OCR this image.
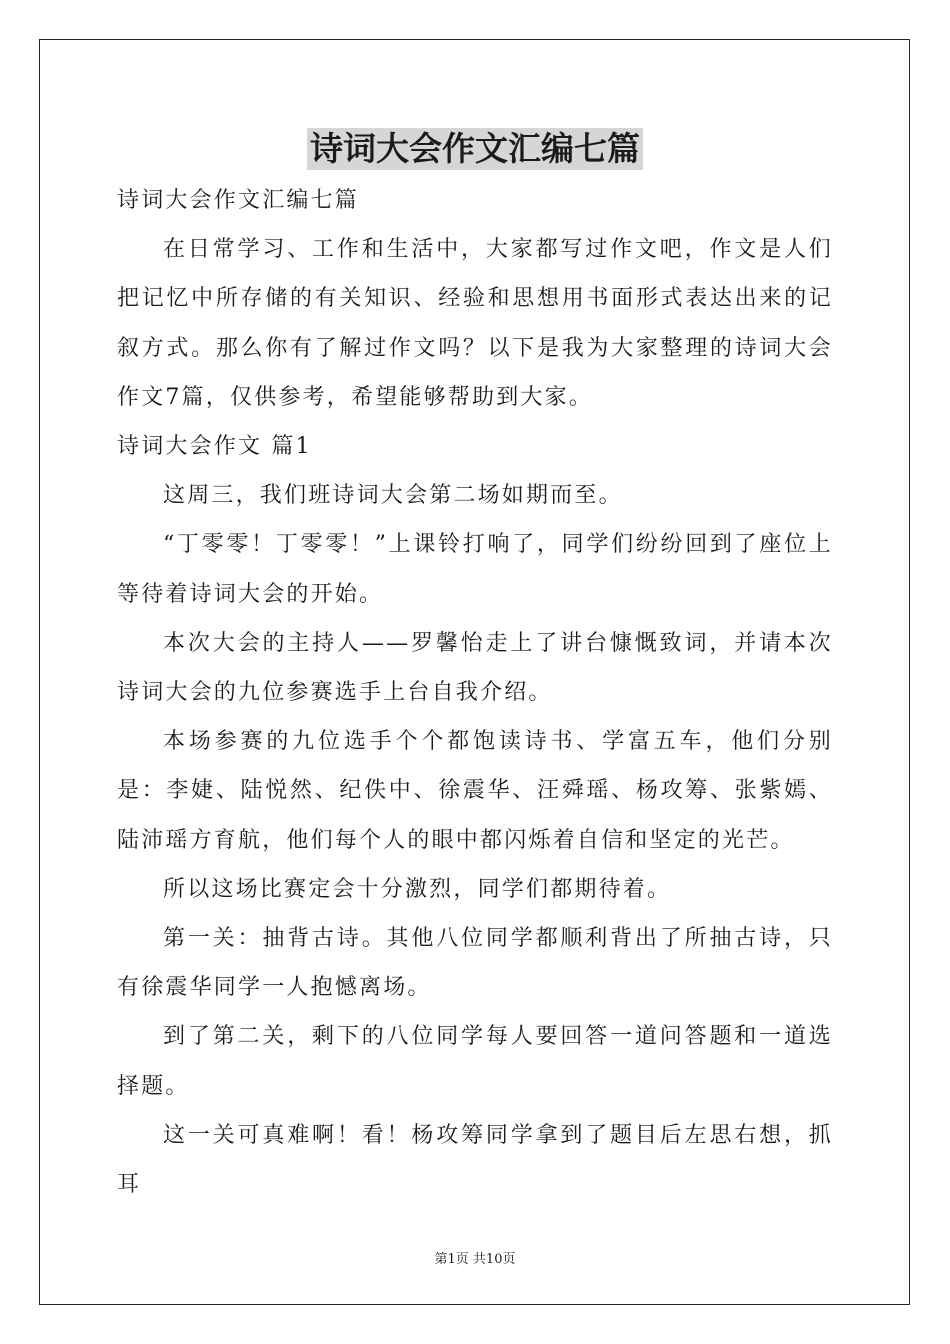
诗词大会作文汇编七篇
诗词大会作文汇编七篇

在日常学习、工作和生活中，大家都写过作文吧，作文是人们把记忆中所存储的有关知识、经验和思想用书面形式表达出来的记叙方式。那么你有了解过作文吗？以下是我为大家整理的诗词大会作文7篇，仅供参考，希望能够帮助到大家。

诗词大会作文 篇1

这周三，我们班诗词大会第二场如期而至。

“丁零零！丁零零！”上课铃打响了，同学们纷纷回到了座位上等待着诗词大会的开始。

本次大会的主持人——罗馨怡走上了讲台慷慨致词，并请本次诗词大会的九位参赛选手上台自我介绍。

本场参赛的九位选手个个都饱读诗书、学富五车，他们分别是：李婕、陆悦然、纪佚中、徐震华、汪舜瑶、杨攻筹、张紫嫣、陆沛瑶方育航，他们每个人的眼中都闪烁着自信和坚定的光芒。

所以这场比赛定会十分激烈，同学们都期待着。

第一关：抽背古诗。其他八位同学都顺利背出了所抽古诗，只有徐震华同学一人抱憾离场。

到了第二关，剩下的八位同学每人要回答一道问答题和一道选择题。

这一关可真难啊！看！杨攻筹同学拿到了题目后左思右想，抓耳

第1页 共10页
